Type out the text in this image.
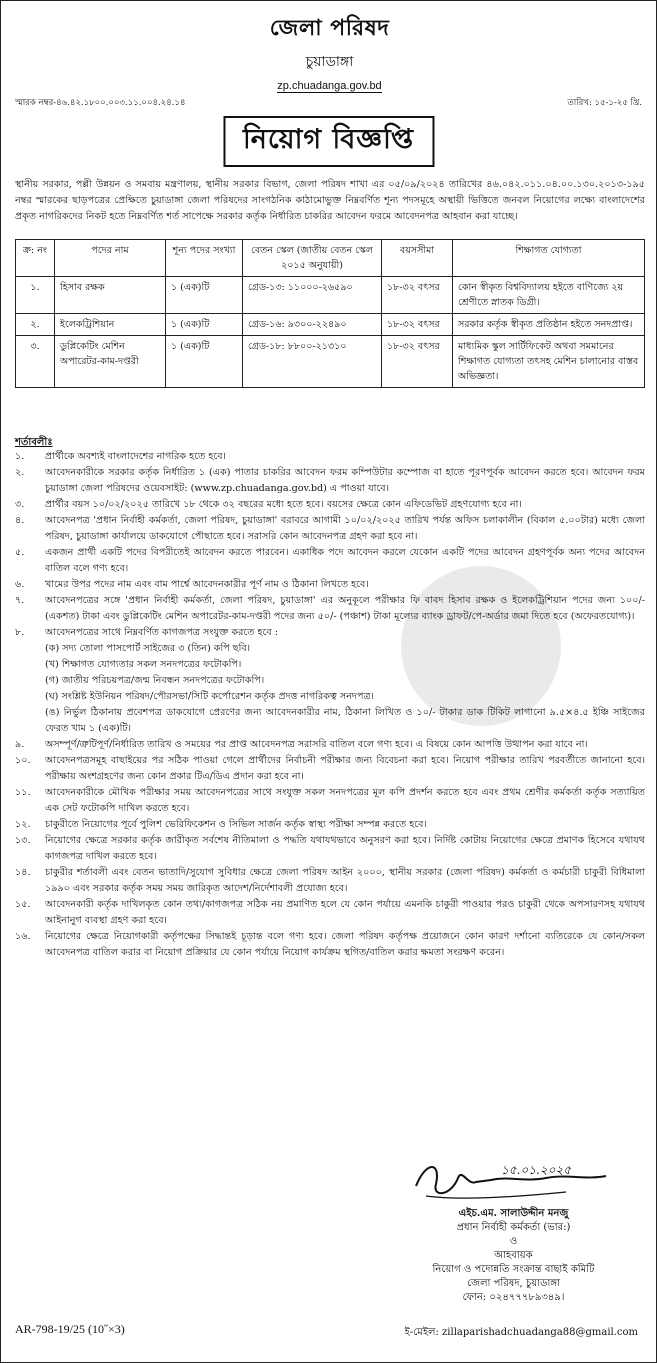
জেলা পরিষদ
চুয়াডাঙ্গা
zp.chuadanga.gov.bd
স্মারক নম্বর-৪৬.৪২.১৮০০.০০৩.১১.০০৪.২৪.১৪	তারিখ: ১৫-১-২৫ খ্রি.
নিয়োগ বিজ্ঞপ্তি
স্থানীয় সরকার, পল্লী উন্নয়ন ও সমবায় মন্ত্রণালয়, স্থানীয় সরকার বিভাগ, জেলা পরিষদ শাখা এর ০৫/০৯/২০২৪ তারিখের ৪৬.০৪২.০১১.০৪.০০.১৩০.২০১৩-১৯৫ নম্বর স্মারকের ছাড়পত্রের প্রেক্ষিতে চুয়াডাঙ্গা জেলা পরিষদের সাংগঠনিক কাঠামোভুক্ত নিম্নবর্ণিত শূন্য পদসমূহে অস্থায়ী ভিত্তিতে জনবল নিয়োগের লক্ষ্যে বাংলাদেশের প্রকৃত নাগরিকদের নিকট হতে নিম্নবর্ণিত শর্ত সাপেক্ষে সরকার কর্তৃক নির্ধারিত চাকরির আবেদন ফরমে আবেদনপত্র আহবান করা যাচ্ছে।
ক্র: নং	পদের নাম	শূন্য পদের সংখ্যা	বেতন স্কেল (জাতীয় বেতন স্কেল ২০১৫ অনুযায়ী)	বয়সসীমা	শিক্ষাগত যোগ্যতা
১.	হিসাব রক্ষক	১ (এক)টি	গ্রেড-১৩: ১১০০০-২৬৫৯০	১৮-৩২ বৎসর	কোন স্বীকৃত বিশ্ববিদ্যালয় হইতে বাণিজ্যে ২য় শ্রেণীতে স্নাতক ডিগ্রী।
২.	ইলেকট্রিশিয়ান	১ (এক)টি	গ্রেড-১৬: ৯৩০০-২২৪৯০	১৮-৩২ বৎসর	সরকার কর্তৃক স্বীকৃত প্রতিষ্ঠান হইতে সনদপ্রাপ্ত।
৩.	ডুপ্লিকেটিং মেশিন অপারেটর-কাম-দপ্তরী	১ (এক)টি	গ্রেড-১৮: ৮৮০০-২১৩১০	১৮-৩২ বৎসর	মাধ্যমিক স্কুল সার্টিফিকেট অথবা সমমানের শিক্ষাগত যোগ্যতা তৎসহ মেশিন চালানোর বাস্তব অভিজ্ঞতা।
শর্তাবলীঃ
১.	প্রার্থীকে অবশ্যই বাংলাদেশের নাগরিক হতে হবে।
২.	আবেদনকারীকে সরকার কর্তৃক নির্ধারিত ১ (এক) পাতার চাকরির আবেদন ফরম কম্পিউটার কম্পোজ বা হাতে পূরণপূর্বক আবেদন করতে হবে। আবেদন ফরম চুয়াডাঙ্গা জেলা পরিষদের ওয়েবসাইট: (www.zp.chuadanga.gov.bd) এ পাওয়া যাবে।
৩.	প্রার্থীর বয়স ১০/০২/২০২৫ তারিখে ১৮ থেকে ৩২ বছরের মধ্যে হতে হবে। বয়সের ক্ষেত্রে কোন এফিডেভিট গ্রহণযোগ্য হবে না।
৪.	আবেদনপত্র 'প্রধান নির্বাহী কর্মকর্তা, জেলা পরিষদ, চুয়াডাঙ্গা' বরাবরে আগামী ১০/০২/২০২৫ তারিখ পর্যন্ত অফিস চলাকালীন (বিকাল ৫.০০টার) মধ্যে জেলা পরিষদ, চুয়াডাঙ্গা কার্যালয়ে ডাকযোগে পৌছাতে হবে। সরাসরি কোন আবেদনপত্র গ্রহণ করা হবে না।
৫.	একজন প্রার্থী একটি পদের বিপরীতেই আবেদন করতে পারবেন। একাধিক পদে আবেদন করলে যেকোন একটি পদের আবেদন গ্রহণপূর্বক অন্য পদের আবেদন বাতিল বলে গণ্য হবে।
৬.	খামের উপর পদের নাম এবং বাম পার্শ্বে আবেদনকারীর পূর্ণ নাম ও ঠিকানা লিখতে হবে।
৭.	আবেদনপত্রের সঙ্গে 'প্রধান নির্বাহী কর্মকর্তা, জেলা পরিষদ, চুয়াডাঙ্গা' এর অনুকূলে পরীক্ষার ফি বাবদ হিসাব রক্ষক ও ইলেকট্রিশিয়ান পদের জন্য ১০০/- (একশত) টাকা এবং ডুপ্লিকেটিং মেশিন অপারেটর-কাম-দপ্তরী পদের জন্য ৫০/- (পঞ্চাশ) টাকা মূল্যের ব্যাংক ড্রাফট/পে-অর্ডার জমা দিতে হবে (অফেরতযোগ্য)।
৮.	আবেদনপত্রের সাথে নিম্নবর্ণিত কাগজপত্র সংযুক্ত করতে হবে :
(ক) সদ্য তোলা পাসপোর্ট সাইজের ৩ (তিন) কপি ছবি।
(খ) শিক্ষাগত যোগ্যতার সকল সনদপত্রের ফটোকপি।
(গ) জাতীয় পরিচয়পত্র/জন্ম নিবন্ধন সনদপত্রের ফটোকপি।
(ঘ) সংশ্লিষ্ট ইউনিয়ন পরিষদ/পৌরসভা/সিটি কর্পোরেশন কর্তৃক প্রদত্ত নাগরিকত্ব সনদপত্র।
(ঙ) নির্ভুল ঠিকানায় প্রবেশপত্র ডাকযোগে প্রেরণের জন্য আবেদনকারীর নাম, ঠিকানা লিখিত ও ১০/- টাকার ডাক টিকিট লাগানো ৯.৫×৪.৫ ইঞ্চি সাইজের ফেরত খাম ১ (এক)টি।
৯.	অসম্পূর্ণ/ত্রুটিপূর্ণ/নির্ধারিত তারিখ ও সময়ের পর প্রাপ্ত আবেদনপত্র সরাসরি বাতিল বলে গণ্য হবে। এ বিষয়ে কোন আপত্তি উত্থাপন করা যাবে না।
১০.	আবেদনপত্রসমূহ বাছাইয়ের পর সঠিক পাওয়া গেলে প্রার্থীদের নির্বাচনী পরীক্ষার জন্য বিবেচনা করা হবে। নিয়োগ পরীক্ষার তারিখ পরবর্তীতে জানানো হবে। পরীক্ষায় অংশগ্রহণের জন্য কোন প্রকার টিএ/ডিএ প্রদান করা হবে না।
১১.	আবেদনকারীকে মৌখিক পরীক্ষার সময় আবেদনপত্রের সাথে সংযুক্ত সকল সনদপত্রের মূল কপি প্রদর্শন করতে হবে এবং প্রথম শ্রেণীর কর্মকর্তা কর্তৃক সত্যায়িত এক সেট ফটোকপি দাখিল করতে হবে।
১২.	চাকুরীতে নিয়োগের পূর্বে পুলিশ ভেরিফিকেশন ও সিভিল সার্জন কর্তৃক স্বাস্থ্য পরীক্ষা সম্পন্ন করতে হবে।
১৩.	নিয়োগের ক্ষেত্রে সরকার কর্তৃক জারীকৃত সর্বশেষ নীতিমালা ও পদ্ধতি যথাযথভাবে অনুসরণ করা হবে। নির্দিষ্ট কোটায় নিয়োগের ক্ষেত্রে প্রমাণক হিসেবে যথাযথ কাগজপত্র দাখিল করতে হবে।
১৪.	চাকুরীর শর্তাবলী এবং বেতন ভাতাদি/সুযোগ সুবিধার ক্ষেত্রে জেলা পরিষদ আইন ২০০০, স্থানীয় সরকার (জেলা পরিষদ) কর্মকর্তা ও কর্মচারী চাকুরী বিধিমালা ১৯৯০ এবং সরকার কর্তৃক সময় সময় জারিকৃত আদেশ/নির্দেশাবলী প্রযোজ্য হবে।
১৫.	আবেদনকারী কর্তৃক দাখিলকৃত কোন তথ্য/কাগজপত্র সঠিক নয় প্রমাণিত হলে যে কোন পর্যায়ে এমনকি চাকুরী পাওয়ার পরও চাকুরী থেকে অপসারণসহ যথাযথ আইনানুগ ব্যবস্থা গ্রহণ করা হবে।
১৬.	নিয়োগের ক্ষেত্রে নিয়োগকারী কর্তৃপক্ষের সিদ্ধান্তই চূড়ান্ত বলে গণ্য হবে। জেলা পরিষদ কর্তৃপক্ষ প্রয়োজনে কোন কারণ দর্শানো ব্যতিরেকে যে কোন/সকল আবেদনপত্র বাতিল করার বা নিয়োগ প্রক্রিয়ার যে কোন পর্যায়ে নিয়োগ কার্যক্রম স্থগিত/বাতিল করার ক্ষমতা সংরক্ষণ করেন।
১৫.০১.২০২৫
এইচ.এম. সালাউদ্দীন মনজু
প্রধান নির্বাহী কর্মকর্তা (ভার:)
ও
আহবায়ক
নিয়োগ ও পদোন্নতি সংক্রান্ত বাছাই কমিটি
জেলা পরিষদ, চুয়াডাঙ্গা
ফোন: ০২৪৭৭৭৮৯৩৪৯।
AR-798-19/25 (10˝×3)	ই-মেইল: zillaparishadchuadanga88@gmail.com
